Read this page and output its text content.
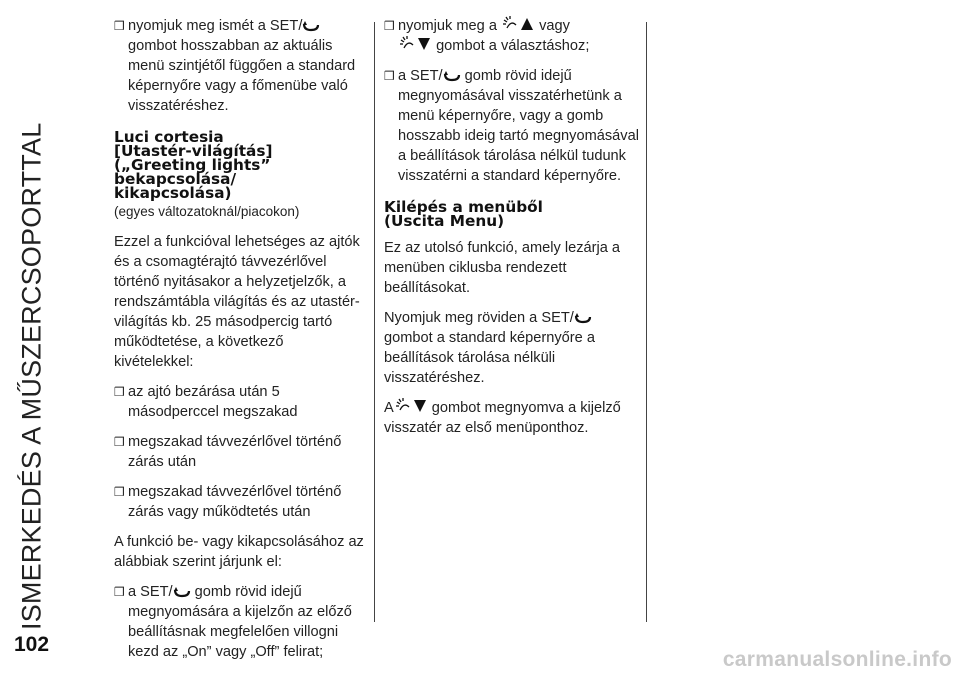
ISMERKEDÉS A MŰSZERCSOPORTTAL
102
❒ nyomjuk meg ismét a SET/
gombot hosszabban az aktuális menü szintjétől függően a standard képernyőre vagy a főmenübe való visszatéréshez.
Luci cortesia
[Utastér-világítás]
(„Greeting lights”
bekapcsolása/
kikapcsolása)
(egyes változatoknál/piacokon)

Ezzel a funkcióval lehetséges az ajtók és a csomagtérajtó távvezérlővel történő nyitásakor a helyzetjelzők, a rendszámtábla világítás és az utastér-világítás kb. 25 másodpercig tartó működtetése, a következő kivételekkel:

❒ az ajtó bezárása után 5 másodperccel megszakad
❒ megszakad távvezérlővel történő zárás után
❒ megszakad távvezérlővel történő zárás vagy működtetés után

A funkció be- vagy kikapcsolásához az alábbiak szerint járjunk el:

❒ a SET/ gomb rövid idejű megnyomására a kijelzőn az előző beállításnak megfelelően villogni kezd az „On” vagy „Off” felirat;
❒ nyomjuk meg a	vagy

gombot a választáshoz;
❒ a SET/ gomb rövid idejű megnyomásával visszatérhetünk a menü képernyőre, vagy a gomb hosszabb ideig tartó megnyomásával a beállítások tárolása nélkül tudunk visszatérni a standard képernyőre.
Kilépés a menüből
(Uscita Menu)

Ez az utolsó funkció, amely lezárja a menüben ciklusba rendezett beállításokat.

Nyomjuk meg röviden a SET/
gombot a standard képernyőre a beállítások tárolása nélküli visszatéréshez.

A	gombot megnyomva a kijelző visszatér az első menüponthoz.

carmanualsonline.info
